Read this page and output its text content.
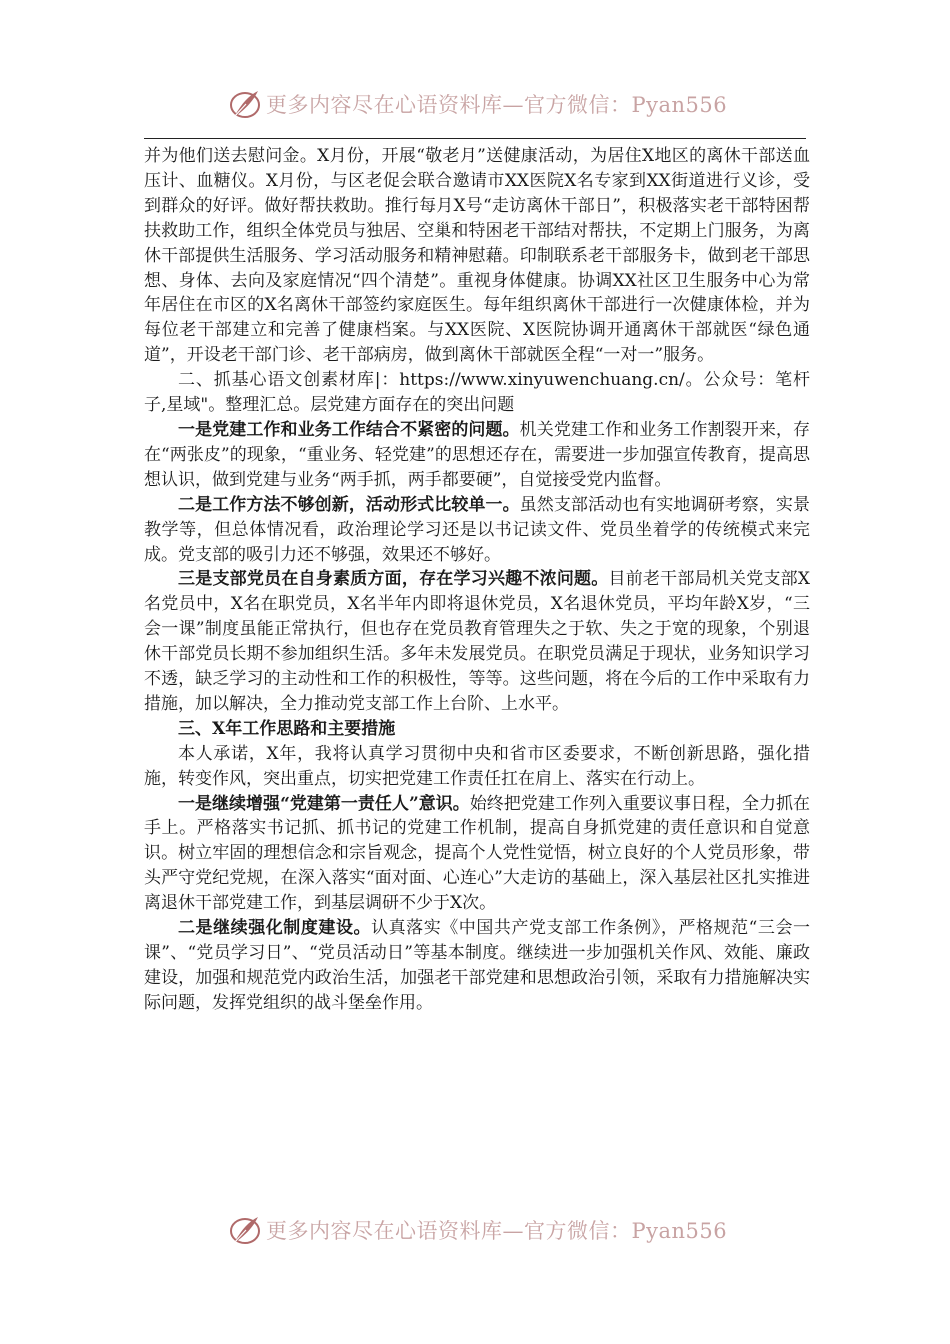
更多内容尽在心语资料库—官方微信：Pyan556

并为他们送去慰问金。X月份，开展“敬老月”送健康活动，为居住X地区的离休干部送血压计、血糖仪。X月份，与区老促会联合邀请市XX医院X名专家到XX街道进行义诊，受到群众的好评。做好帮扶救助。推行每月X号“走访离休干部日”，积极落实老干部特困帮扶救助工作，组织全体党员与独居、空巢和特困老干部结对帮扶，不定期上门服务，为离休干部提供生活服务、学习活动服务和精神慰藉。印制联系老干部服务卡，做到老干部思想、身体、去向及家庭情况“四个清楚”。重视身体健康。协调XX社区卫生服务中心为常年居住在市区的X名离休干部签约家庭医生。每年组织离休干部进行一次健康体检，并为每位老干部建立和完善了健康档案。与XX医院、X医院协调开通离休干部就医“绿色通道”，开设老干部门诊、老干部病房，做到离休干部就医全程“一对一”服务。

二、抓基心语文创素材库|：https://www.xinyuwenchuang.cn/。公众号：笔杆子,星域"。整理汇总。层党建方面存在的突出问题

一是党建工作和业务工作结合不紧密的问题。机关党建工作和业务工作割裂开来，存在“两张皮”的现象，“重业务、轻党建”的思想还存在，需要进一步加强宣传教育，提高思想认识，做到党建与业务“两手抓，两手都要硬”，自觉接受党内监督。

二是工作方法不够创新，活动形式比较单一。虽然支部活动也有实地调研考察，实景教学等，但总体情况看，政治理论学习还是以书记读文件、党员坐着学的传统模式来完成。党支部的吸引力还不够强，效果还不够好。

三是支部党员在自身素质方面，存在学习兴趣不浓问题。目前老干部局机关党支部X名党员中，X名在职党员，X名半年内即将退休党员，X名退休党员，平均年龄X岁，“三会一课”制度虽能正常执行，但也存在党员教育管理失之于软、失之于宽的现象，个别退休干部党员长期不参加组织生活。多年未发展党员。在职党员满足于现状，业务知识学习不透，缺乏学习的主动性和工作的积极性，等等。这些问题，将在今后的工作中采取有力措施，加以解决，全力推动党支部工作上台阶、上水平。

三、X年工作思路和主要措施

本人承诺，X年，我将认真学习贯彻中央和省市区委要求，不断创新思路，强化措施，转变作风，突出重点，切实把党建工作责任扛在肩上、落实在行动上。

一是继续增强“党建第一责任人”意识。始终把党建工作列入重要议事日程，全力抓在手上。严格落实书记抓、抓书记的党建工作机制，提高自身抓党建的责任意识和自觉意识。树立牢固的理想信念和宗旨观念，提高个人党性觉悟，树立良好的个人党员形象，带头严守党纪党规，在深入落实“面对面、心连心”大走访的基础上，深入基层社区扎实推进离退休干部党建工作，到基层调研不少于X次。

二是继续强化制度建设。认真落实《中国共产党支部工作条例》，严格规范“三会一课”、“党员学习日”、“党员活动日”等基本制度。继续进一步加强机关作风、效能、廉政建设，加强和规范党内政治生活，加强老干部党建和思想政治引领，采取有力措施解决实际问题，发挥党组织的战斗堡垒作用。

更多内容尽在心语资料库—官方微信：Pyan556
